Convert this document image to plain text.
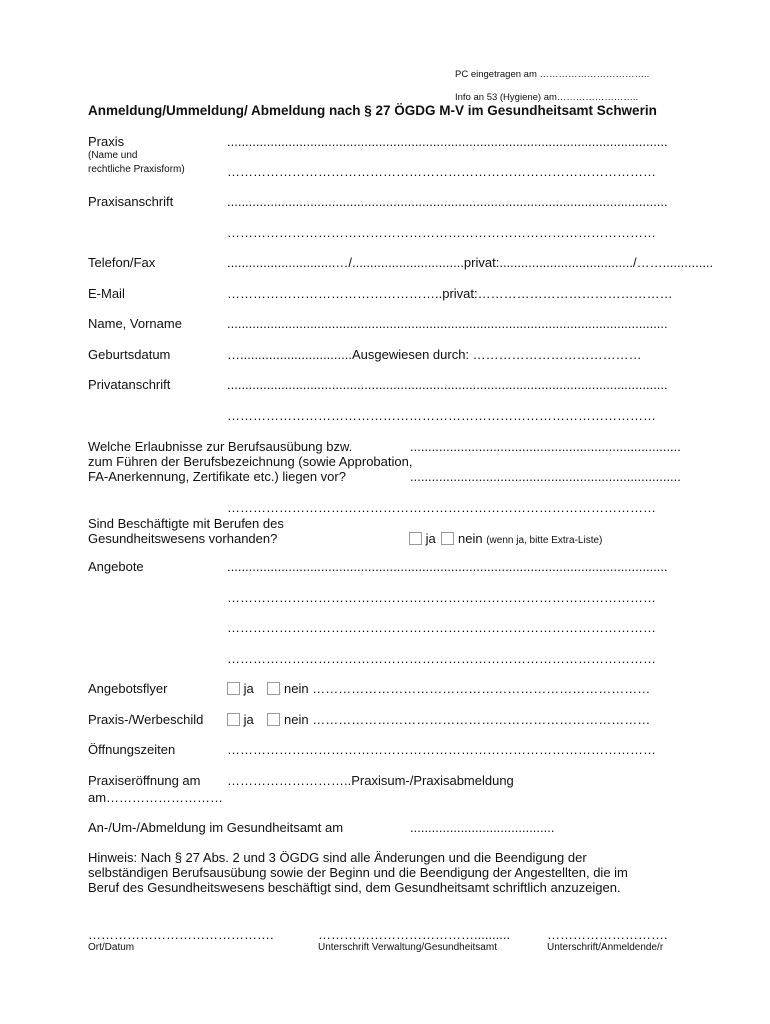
PC eingetragen am ……………………………..
Info an 53 (Hygiene) am……………………..
Anmeldung/Ummeldung/ Abmeldung nach § 27 ÖGDG M-V im Gesundheitsamt Schwerin
Praxis
(Name und
rechtliche Praxisform)
..........................................................................................................................
………………………………………………………………………………………
Praxisanschrift	..........................................................................................................................
………………………………………………………………………………………
Telefon/Fax	..............................…/...............................privat:...................................../……..............
E-Mail	…………………………………………..privat:………………………………………
Name, Vorname	..........................................................................................................................
Geburtsdatum	…...............................Ausgewiesen durch: …………………………………
Privatanschrift	..........................................................................................................................
………………………………………………………………………………………
Welche Erlaubnisse zur Berufsausübung bzw.
zum Führen der Berufsbezeichnung (sowie Approbation,
FA-Anerkennung, Zertifikate etc.) liegen vor?
...........................................................................
...........................................................................
………………………………………………………………………………………
Sind Beschäftigte mit Berufen des
Gesundheitswesens vorhanden?	ja nein (wenn ja, bitte Extra-Liste)
Angebote	..........................................................................................................................
………………………………………………………………………………………
………………………………………………………………………………………
………………………………………………………………………………………
Angebotsflyer	ja nein ……………………………………………………………………
Praxis-/Werbeschild	ja nein ……………………………………………………………………
Öffnungszeiten	………………………………………………………………………………………
Praxiseröffnung am ………………………..Praxisum-/Praxisabmeldung
am………………………
An-/Um-/Abmeldung im Gesundheitsamt am	........................................
Hinweis: Nach § 27 Abs. 2 und 3 ÖGDG sind alle Änderungen und die Beendigung der
selbständigen Berufsausübung sowie der Beginn und die Beendigung der Angestellten, die im
Beruf des Gesundheitswesens beschäftigt sind, dem Gesundheitsamt schriftlich anzuzeigen.
…………………………………….	………………………………..........	……………………….
Ort/Datum	Unterschrift Verwaltung/Gesundheitsamt	Unterschrift/Anmeldende/r
